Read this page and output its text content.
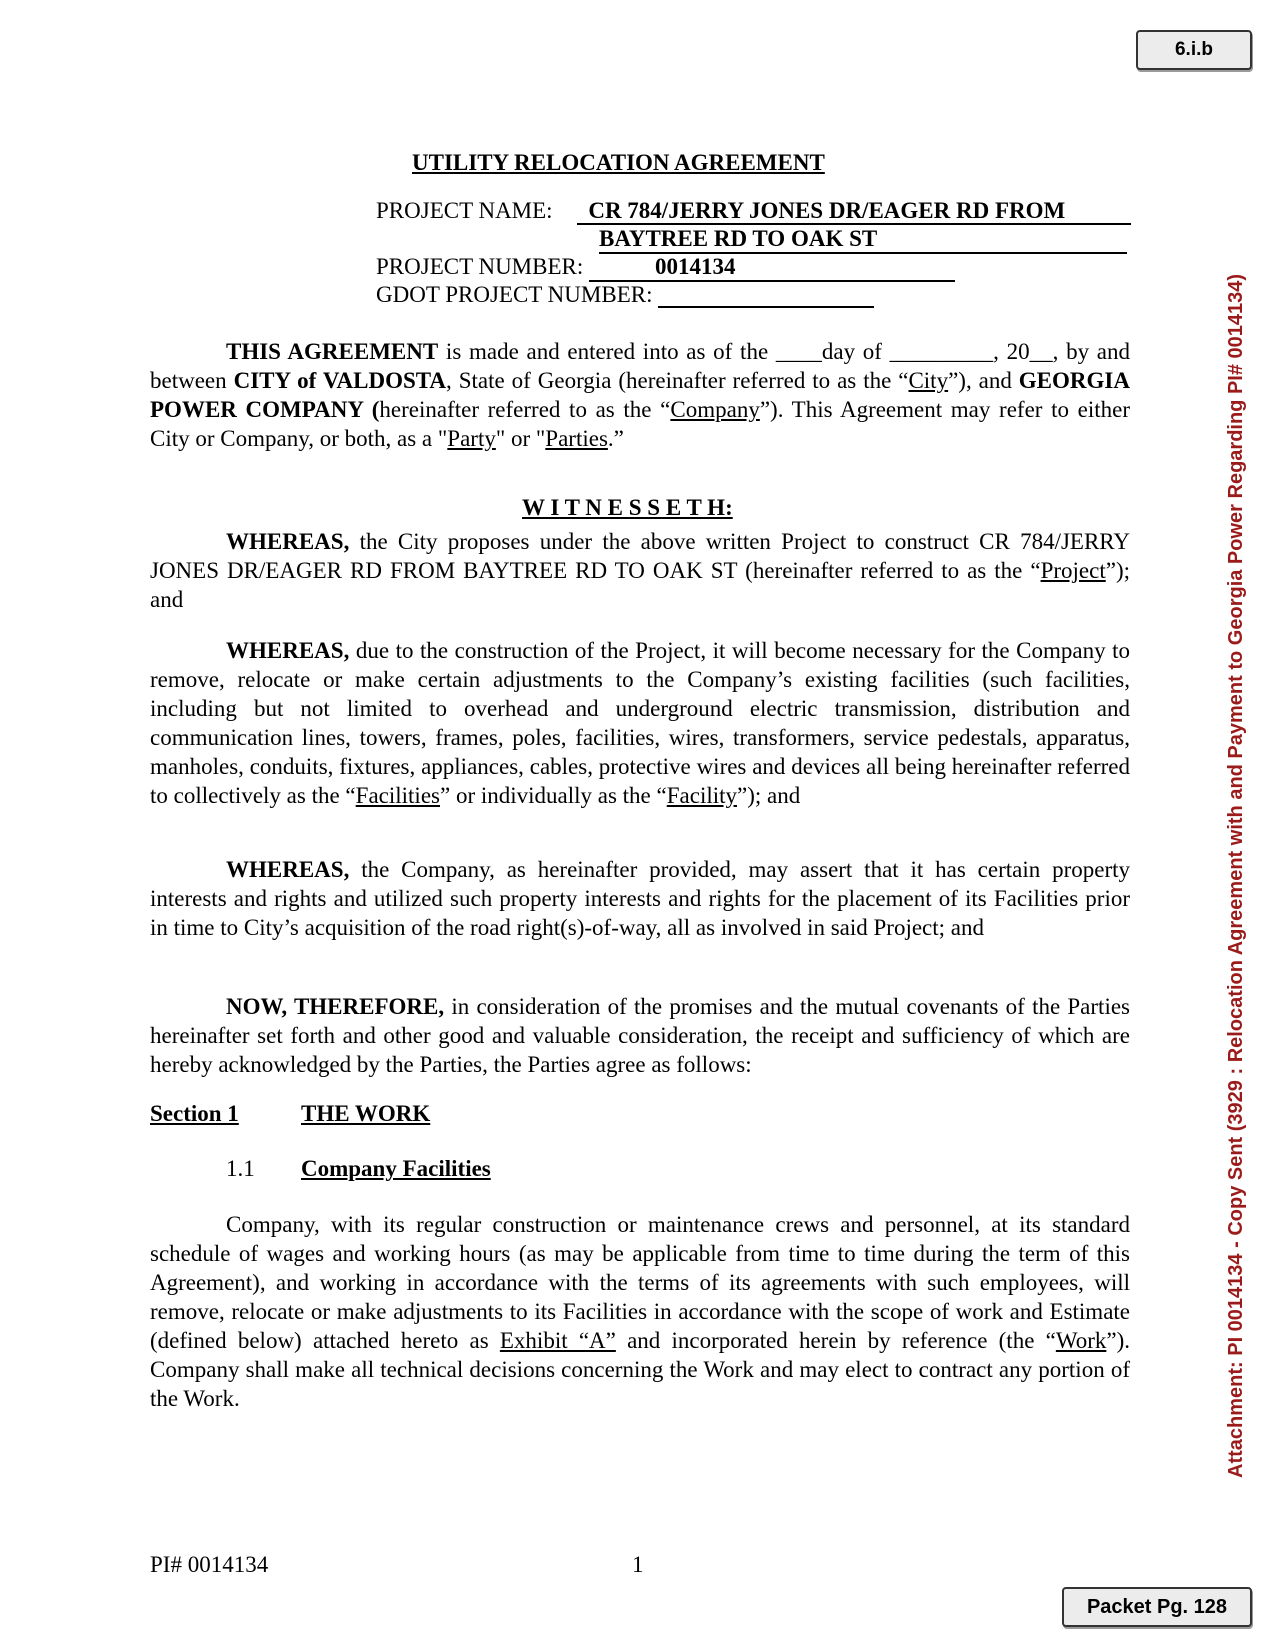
6.i.b
Attachment: PI 0014134 - Copy Sent (3929 : Relocation Agreement with and Payment to Georgia Power Regarding PI# 0014134)
UTILITY RELOCATION AGREEMENT
PROJECT NAME: CR 784/JERRY JONES DR/EAGER RD FROM
BAYTREE RD TO OAK ST
PROJECT NUMBER:	0014134
GDOT PROJECT NUMBER:

THIS AGREEMENT is made and entered into as of the ____day of _________, 20__, by and between CITY of VALDOSTA, State of Georgia (hereinafter referred to as the “City”), and GEORGIA POWER COMPANY (hereinafter referred to as the “Company”). This Agreement may refer to either City or Company, or both, as a "Party" or "Parties.”

W I T N E S S E T H:

WHEREAS, the City proposes under the above written Project to construct CR 784/JERRY JONES DR/EAGER RD FROM BAYTREE RD TO OAK ST (hereinafter referred to as the “Project”); and

WHEREAS, due to the construction of the Project, it will become necessary for the Company to remove, relocate or make certain adjustments to the Company’s existing facilities (such facilities, including but not limited to overhead and underground electric transmission, distribution and communication lines, towers, frames, poles, facilities, wires, transformers, service pedestals, apparatus, manholes, conduits, fixtures, appliances, cables, protective wires and devices all being hereinafter referred to collectively as the “Facilities” or individually as the “Facility”); and

WHEREAS, the Company, as hereinafter provided, may assert that it has certain property interests and rights and utilized such property interests and rights for the placement of its Facilities prior in time to City’s acquisition of the road right(s)-of-way, all as involved in said Project; and

NOW, THEREFORE, in consideration of the promises and the mutual covenants of the Parties hereinafter set forth and other good and valuable consideration, the receipt and sufficiency of which are hereby acknowledged by the Parties, the Parties agree as follows:

Section 1	THE WORK
1.1 Company Facilities

Company, with its regular construction or maintenance crews and personnel, at its standard schedule of wages and working hours (as may be applicable from time to time during the term of this Agreement), and working in accordance with the terms of its agreements with such employees, will remove, relocate or make adjustments to its Facilities in accordance with the scope of work and Estimate (defined below) attached hereto as Exhibit “A” and incorporated herein by reference (the “Work”). Company shall make all technical decisions concerning the Work and may elect to contract any portion of the Work.

PI# 0014134	1
Packet Pg. 128
